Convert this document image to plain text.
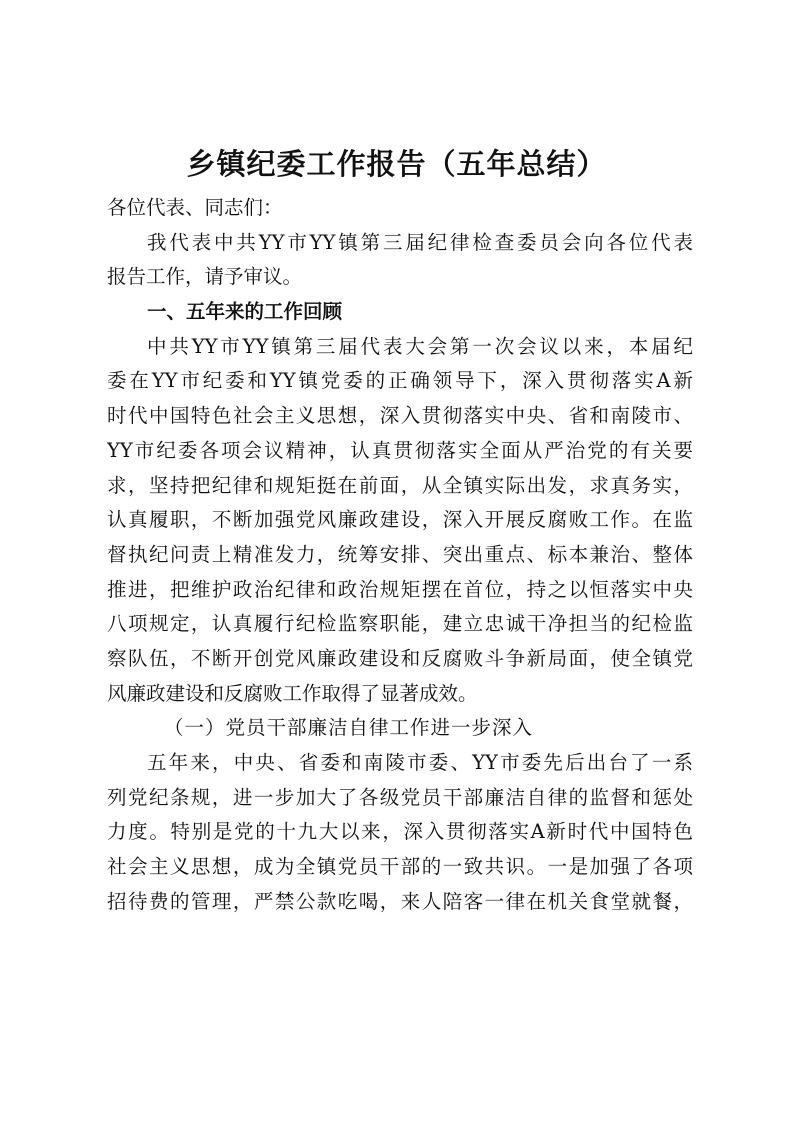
乡镇纪委工作报告（五年总结）
各位代表、同志们：
我代表中共YY市YY镇第三届纪律检查委员会向各位代表
报告工作，请予审议。
一、五年来的工作回顾
中共YY市YY镇第三届代表大会第一次会议以来，本届纪
委在YY市纪委和YY镇党委的正确领导下，深入贯彻落实A新
时代中国特色社会主义思想，深入贯彻落实中央、省和南陵市、
YY市纪委各项会议精神，认真贯彻落实全面从严治党的有关要
求，坚持把纪律和规矩挺在前面，从全镇实际出发，求真务实，
认真履职，不断加强党风廉政建设，深入开展反腐败工作。在监
督执纪问责上精准发力，统筹安排、突出重点、标本兼治、整体
推进，把维护政治纪律和政治规矩摆在首位，持之以恒落实中央
八项规定，认真履行纪检监察职能，建立忠诚干净担当的纪检监
察队伍，不断开创党风廉政建设和反腐败斗争新局面，使全镇党
风廉政建设和反腐败工作取得了显著成效。
（一）党员干部廉洁自律工作进一步深入
五年来，中央、省委和南陵市委、YY市委先后出台了一系
列党纪条规，进一步加大了各级党员干部廉洁自律的监督和惩处
力度。特别是党的十九大以来，深入贯彻落实A新时代中国特色
社会主义思想，成为全镇党员干部的一致共识。一是加强了各项
招待费的管理，严禁公款吃喝，来人陪客一律在机关食堂就餐，
